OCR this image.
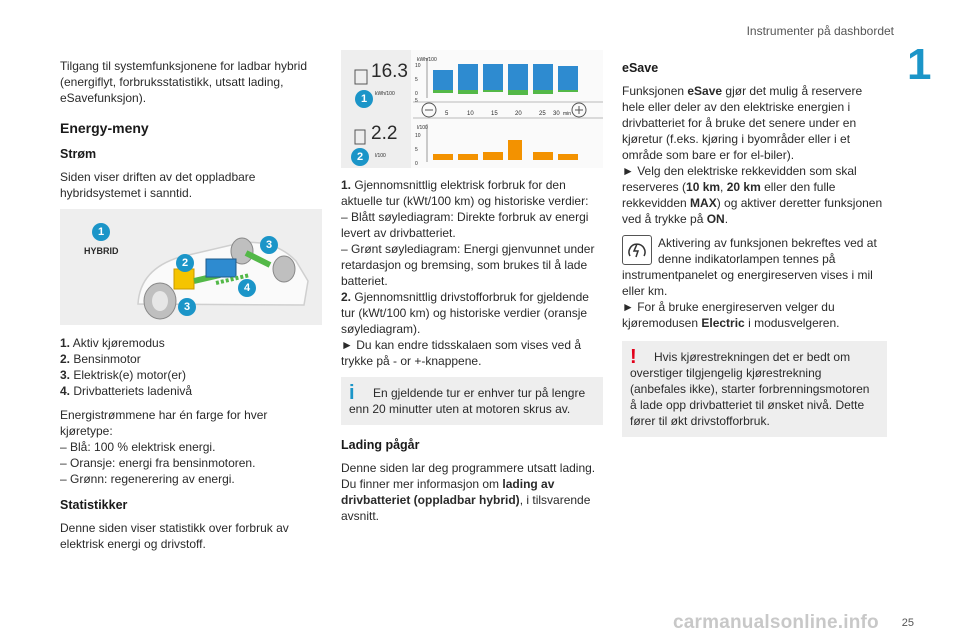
Instrumenter på dashbordet
1

Tilgang til systemfunksjonene for ladbar hybrid (energiflyt, forbruksstatistikk, utsatt lading, eSavefunksjon).

Energy-meny
Strøm

Siden viser driften av det oppladbare hybridsystemet i sanntid.

1
HYBRID
2
3
4
3
1. Aktiv kjøremodus
2. Bensinmotor
3. Elektrisk(e) motor(er)
4. Drivbatteriets ladenivå
Energistrømmene har én farge for hver kjøretype:
– Blå: 100 % elektrisk energi.
– Oransje: energi fra bensinmotoren.
– Grønn: regenerering av energi.
Statistikker

Denne siden viser statistikk over forbruk av elektrisk energi og drivstoff.

16.3
kWh/100
2.2
l/100
kWh/100
l/100
10
5
0
5
10
5
0
5	10	15	20	25 30 min
1
2

1. Gjennomsnittlig elektrisk forbruk for den aktuelle tur (kWt/100 km) og historiske verdier:
– Blått søylediagram: Direkte forbruk av energi levert av drivbatteriet.
– Grønt søylediagram: Energi gjenvunnet under retardasjon og bremsing, som brukes til å lade batteriet.
2. Gjennomsnittlig drivstofforbruk for gjeldende tur (kWt/100 km) og historiske verdier (oransje søylediagram).
► Du kan endre tidsskalaen som vises ved å trykke på - or +-knappene.

i	En gjeldende tur er enhver tur på lengre enn 20 minutter uten at motoren skrus av.
Lading pågår

Denne siden lar deg programmere utsatt lading. Du finner mer informasjon om lading av drivbatteriet (oppladbar hybrid), i tilsvarende avsnitt.

eSave

Funksjonen eSave gjør det mulig å reservere hele eller deler av den elektriske energien i drivbatteriet for å bruke det senere under en kjøretur (f.eks. kjøring i byområder eller i et område som bare er for el-biler).
► Velg den elektriske rekkevidden som skal reserveres (10 km, 20 km eller den fulle rekkevidden MAX) og aktiver deretter funksjonen ved å trykke på ON.

Aktivering av funksjonen bekreftes ved at denne indikatorlampen tennes på instrumentpanelet og energireserven vises i mil eller km.
► For å bruke energireserven velger du kjøremodusen Electric i modusvelgeren.

!	Hvis kjørestrekningen det er bedt om overstiger tilgjengelig kjørestrekning (anbefales ikke), starter forbrenningsmotoren å lade opp drivbatteriet til ønsket nivå. Dette fører til økt drivstofforbruk.
carmanualsonline.info 25
